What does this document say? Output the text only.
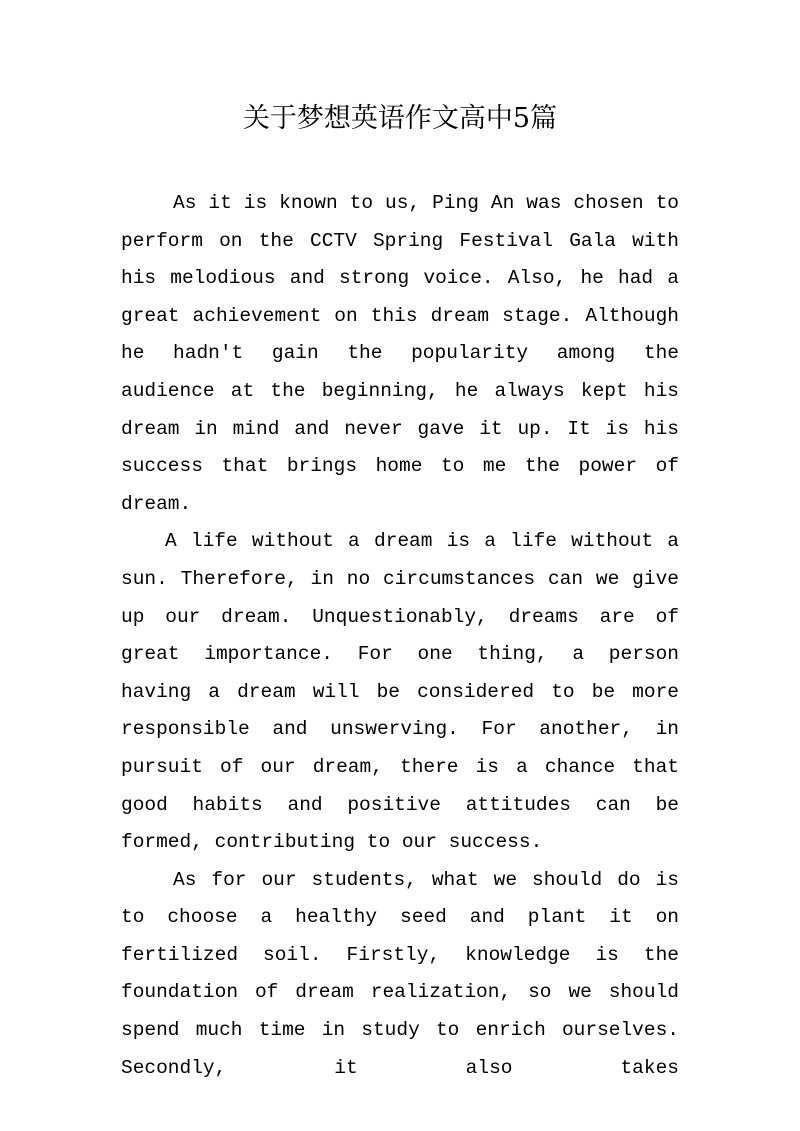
关于梦想英语作文高中5篇

As it is known to us, Ping An was chosen to perform on the CCTV Spring Festival Gala with his melodious and strong voice. Also, he had a great achievement on this dream stage. Although he hadn't gain the popularity among the audience at the beginning, he always kept his dream in mind and never gave it up. It is his success that brings home to me the power of dream.

A life without a dream is a life without a sun. Therefore, in no circumstances can we give up our dream. Unquestionably, dreams are of great importance. For one thing, a person having a dream will be considered to be more responsible and unswerving. For another, in pursuit of our dream, there is a chance that good habits and positive attitudes can be formed, contributing to our success.

As for our students, what we should do is to choose a healthy seed and plant it on fertilized soil. Firstly, knowledge is the foundation of dream realization, so we should spend much time in study to enrich ourselves. Secondly, it also takes
